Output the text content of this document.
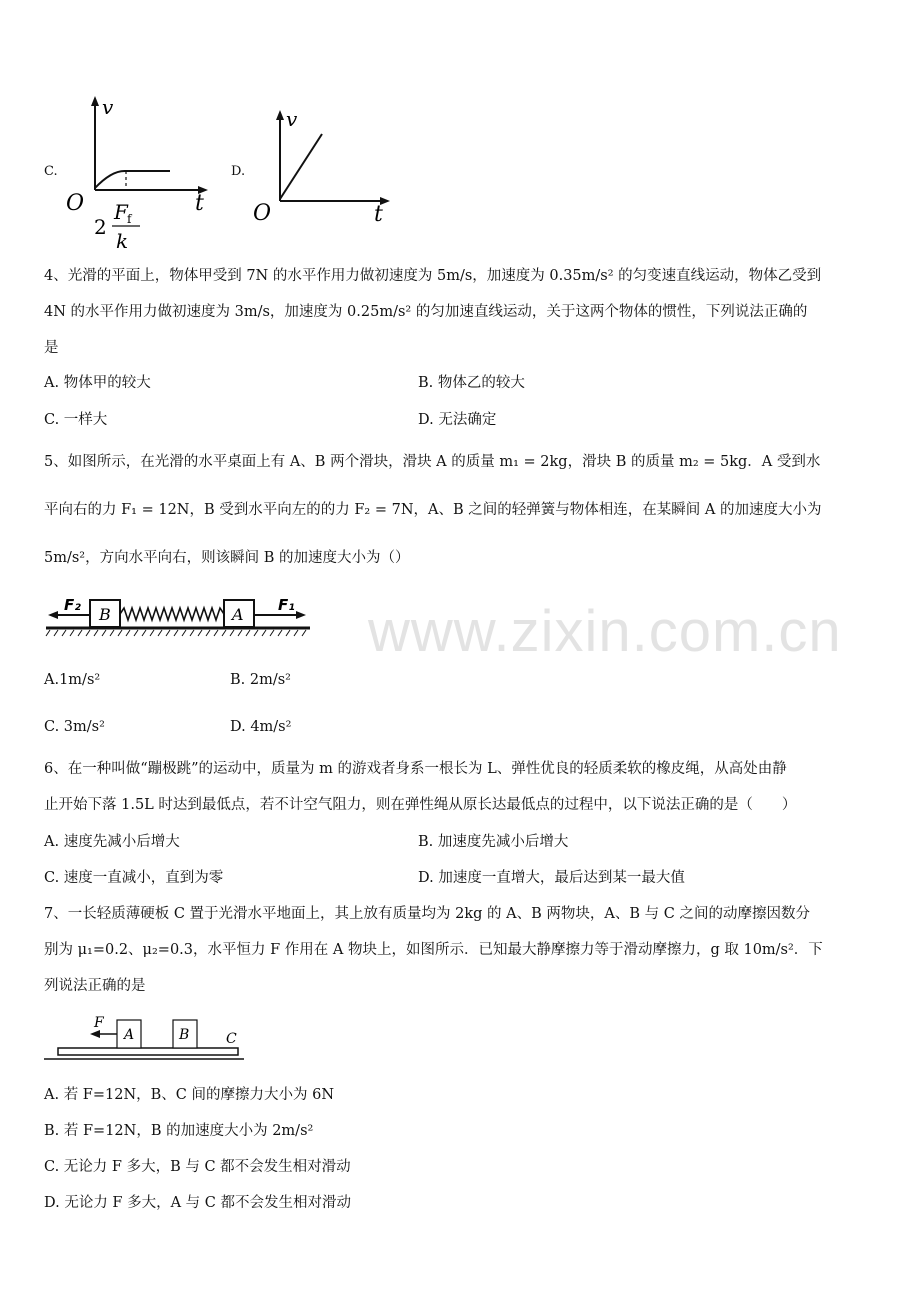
www.zixin.com.cn
C.
v
t
O
2
F f
k
D.
v
t
O
4、光滑的平面上，物体甲受到 7N 的水平作用力做初速度为 5m/s，加速度为 0.35m/s² 的匀变速直线运动，物体乙受到
4N 的水平作用力做初速度为 3m/s，加速度为 0.25m/s² 的匀加速直线运动，关于这两个物体的惯性，下列说法正确的
是
A. 物体甲的较大	B. 物体乙的较大
C. 一样大	D. 无法确定
5、如图所示，在光滑的水平桌面上有 A、B 两个滑块，滑块 A 的质量 m₁ = 2kg，滑块 B 的质量 m₂ = 5kg．A 受到水
平向右的力 F₁ = 12N，B 受到水平向左的的力 F₂ = 7N，A、B 之间的轻弹簧与物体相连，在某瞬间 A 的加速度大小为
5m/s²，方向水平向右，则该瞬间 B 的加速度大小为（）
F₂ B	A F₁
A.1m/s²	B. 2m/s²
C. 3m/s²	D. 4m/s²
6、在一种叫做“蹦极跳”的运动中，质量为 m 的游戏者身系一根长为 L、弹性优良的轻质柔软的橡皮绳，从高处由静
止开始下落 1.5L 时达到最低点，若不计空气阻力，则在弹性绳从原长达最低点的过程中，以下说法正确的是（　　）
A. 速度先减小后增大	B. 加速度先减小后增大
C. 速度一直减小，直到为零	D. 加速度一直增大，最后达到某一最大值
7、一长轻质薄硬板 C 置于光滑水平地面上，其上放有质量均为 2kg 的 A、B 两物块，A、B 与 C 之间的动摩擦因数分
别为 μ₁=0.2、μ₂=0.3，水平恒力 F 作用在 A 物块上，如图所示．已知最大静摩擦力等于滑动摩擦力，g 取 10m/s²．下
列说法正确的是
F
A	B	C
A. 若 F=12N，B、C 间的摩擦力大小为 6N
B. 若 F=12N，B 的加速度大小为 2m/s²
C. 无论力 F 多大，B 与 C 都不会发生相对滑动
D. 无论力 F 多大，A 与 C 都不会发生相对滑动
